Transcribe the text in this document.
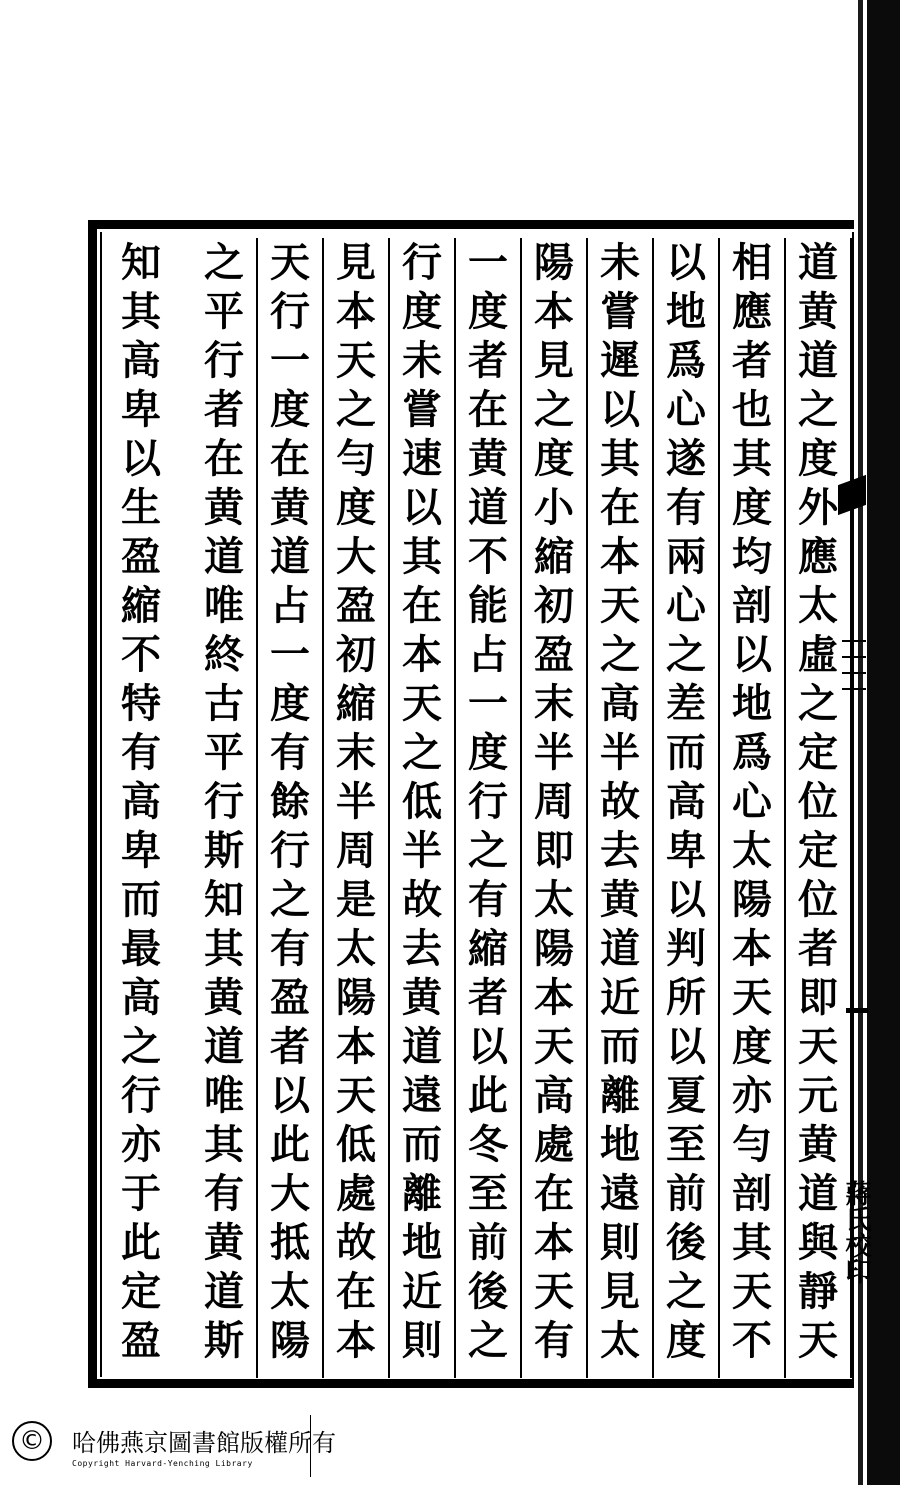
道
黄
道
之
度
外
應
太
虛
之
定
位
定
位
者
即
天
元
黄
道
與
靜
天
相
應
者
也
其
度
均
剖
以
地
爲
心
太
陽
本
天
度
亦
勻
剖
其
天
不
以
地
爲
心
遂
有
兩
心
之
差
而
高
卑
以
判
所
以
夏
至
前
後
之
度
未
嘗
遲
以
其
在
本
天
之
高
半
故
去
黄
道
近
而
離
地
遠
則
見
太
陽
本
見
之
度
小
縮
初
盈
末
半
周
即
太
陽
本
天
高
處
在
本
天
有
一
度
者
在
黄
道
不
能
占
一
度
行
之
有
縮
者
以
此
冬
至
前
後
之
行
度
未
嘗
速
以
其
在
本
天
之
低
半
故
去
黄
道
遠
而
離
地
近
則
見
本
天
之
勻
度
大
盈
初
縮
末
半
周
是
太
陽
本
天
低
處
故
在
本
天
行
一
度
在
黄
道
占
一
度
有
餘
行
之
有
盈
者
以
此
大
抵
太
陽
之
平
行
者
在
黄
道
唯
終
古
平
行
斯
知
其
黄
道
唯
其
有
黄
道
斯
知
其
高
卑
以
生
盈
縮
不
特
有
高
卑
而
最
高
之
行
亦
于
此
定
盈
蔣氏校印
© 哈佛燕京圖書館版權所有
Copyright Harvard-Yenching Library
